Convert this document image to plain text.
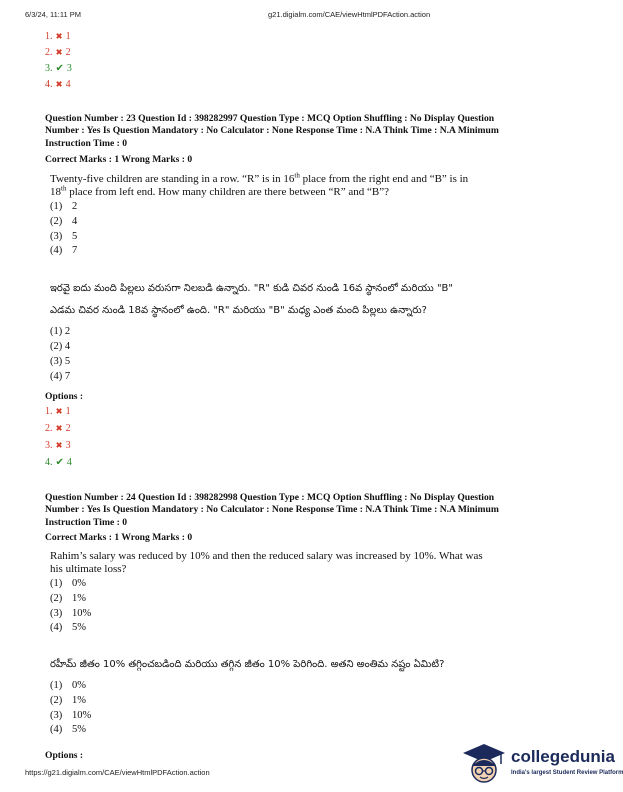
6/3/24, 11:11 PM	g21.digialm.com/CAE/viewHtmlPDFAction.action
1. ✖ 1
2. ✖ 2
3. ✔ 3
4. ✖ 4
Question Number : 23 Question Id : 398282997 Question Type : MCQ Option Shuffling : No Display Question
Number : Yes Is Question Mandatory : No Calculator : None Response Time : N.A Think Time : N.A Minimum
Instruction Time : 0
Correct Marks : 1 Wrong Marks : 0
Twenty-five children are standing in a row. “R” is in 16th place from the right end and “B” is in
18th place from left end. How many children are there between “R” and “B”?
(1) 2
(2) 4
(3) 5
(4) 7
ఇరవై ఐదు మంది పిల్లలు వరుసగా నిలబడి ఉన్నారు. "R" కుడి చివర నుండి 16వ స్థానంలో మరియు "B"
ఎడమ చివర నుండి 18వ స్థానంలో ఉంది. "R" మరియు "B" మధ్య ఎంత మంది పిల్లలు ఉన్నారు?
(1) 2
(2) 4
(3) 5
(4) 7
Options :
1. ✖ 1
2. ✖ 2
3. ✖ 3
4. ✔ 4
Question Number : 24 Question Id : 398282998 Question Type : MCQ Option Shuffling : No Display Question
Number : Yes Is Question Mandatory : No Calculator : None Response Time : N.A Think Time : N.A Minimum
Instruction Time : 0
Correct Marks : 1 Wrong Marks : 0
Rahim’s salary was reduced by 10% and then the reduced salary was increased by 10%. What was
his ultimate loss?
(1) 0%
(2) 1%
(3) 10%
(4) 5%
రహీమ్ జీతం 10% తగ్గించబడింది మరియు తగ్గిన జీతం 10% పెరిగింది. అతని అంతిమ నష్టం ఏమిటి?
(1) 0%
(2) 1%
(3) 10%
(4) 5%
Options :
https://g21.digialm.com/CAE/viewHtmlPDFAction.action
collegedunia
India's largest Student Review Platform
